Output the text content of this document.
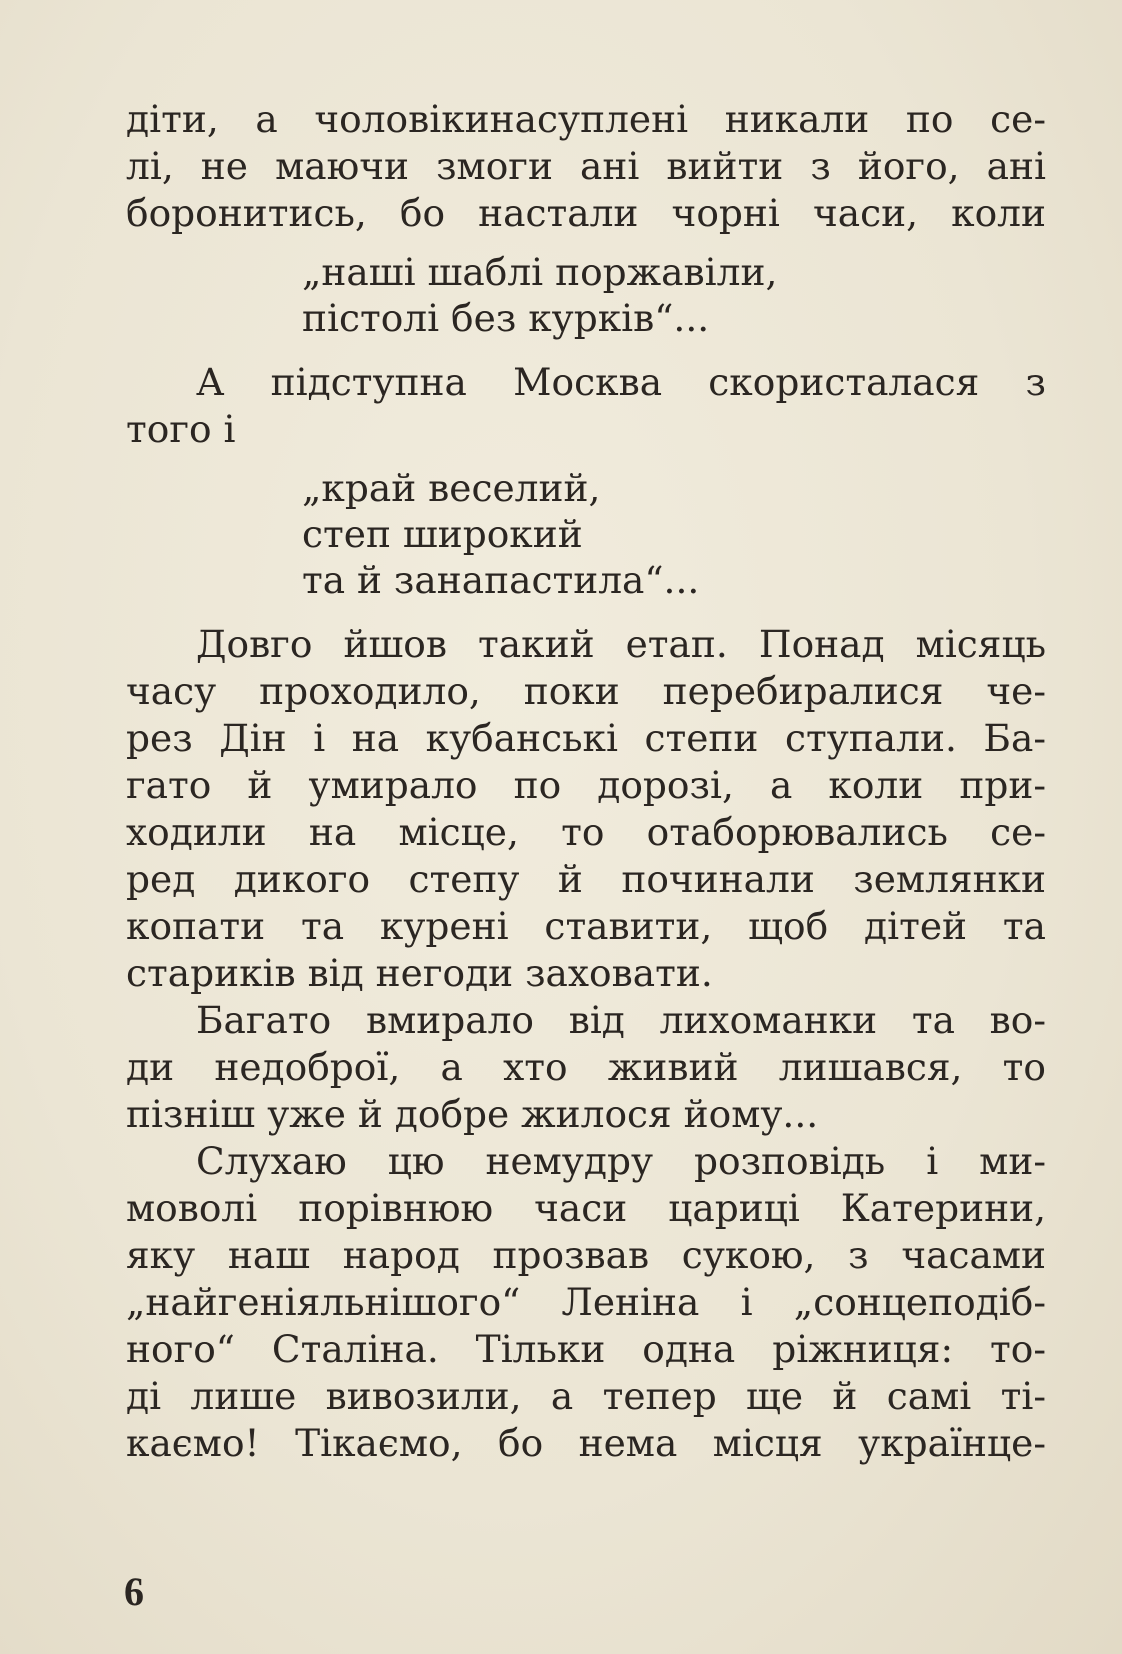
діти, а чоловікинасуплені никали по се-
лі, не маючи змоги ані вийти з його, ані
боронитись, бо настали чорні часи, коли
„наші шаблі поржавіли,
пістолі без курків“...
А підступна Москва скористалася з
того і
„край веселий,
степ широкий
та й занапастила“...
Довго йшов такий етап. Понад місяць
часу проходило, поки перебиралися че-
рез Дін і на кубанські степи ступали. Ба-
гато й умирало по дорозі, а коли при-
ходили на місце, то отаборювались се-
ред дикого степу й починали землянки
копати та курені ставити, щоб дітей та
стариків від негоди заховати.
Багато вмирало від лихоманки та во-
ди недоброї, а хто живий лишався, то
пізніш уже й добре жилося йому...
Слухаю цю немудру розповідь і ми-
моволі порівнюю часи цариці Катерини,
яку наш народ прозвав сукою, з часами
„найгеніяльнішого“ Леніна і „сонцеподіб-
ного“ Сталіна. Тільки одна ріжниця: то-
ді лише вивозили, а тепер ще й самі ті-
каємо! Тікаємо, бо нема місця українце-
6
